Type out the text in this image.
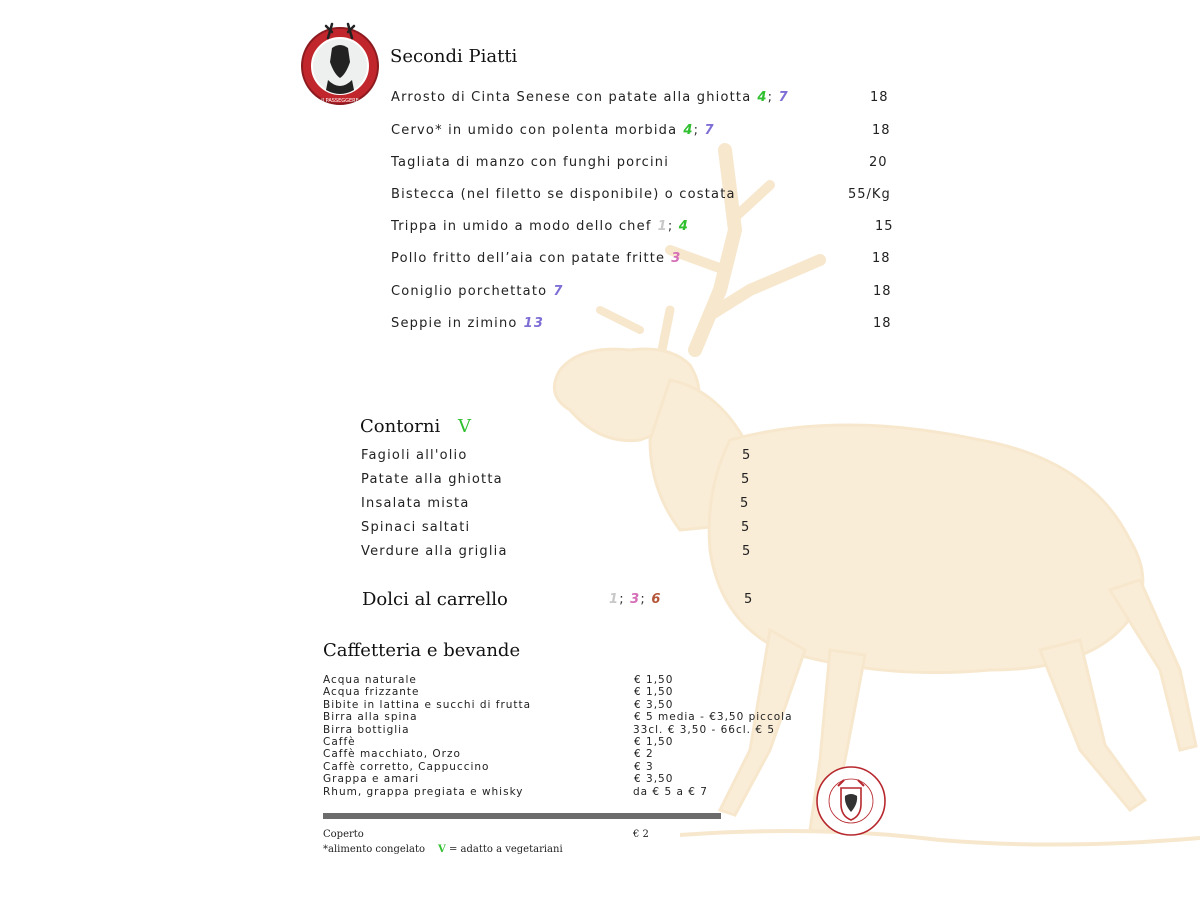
Il PASSEGGERE
Secondi Piatti
Arrosto di Cinta Senese con patate alla ghiotta 4; 7	18
Cervo* in umido con polenta morbida 4; 7	18
Tagliata di manzo con funghi porcini	20
Bistecca (nel filetto se disponibile) o costata	55/Kg
Trippa in umido a modo dello chef 1; 4	15
Pollo fritto dell’aia con patate fritte 3	18
Coniglio porchettato 7	18
Seppie in zimino 13	18
Contorni V
Fagioli all'olio	5
Patate alla ghiotta	5
Insalata mista	5
Spinaci saltati	5
Verdure alla griglia	5
Dolci al carrello	1; 3; 6	5
Caffetteria e bevande
Acqua naturale	€ 1,50
Acqua frizzante	€ 1,50
Bibite in lattina e succhi di frutta	€ 3,50
Birra alla spina	€ 5 media - €3,50 piccola
Birra bottiglia	33cl. € 3,50 - 66cl. € 5
Caffè	€ 1,50
Caffè macchiato, Orzo	€ 2
Caffè corretto, Cappuccino	€ 3
Grappa e amari	€ 3,50
Rhum, grappa pregiata e whisky	da € 5 a € 7
Coperto	€ 2
*alimento congelato V = adatto a vegetariani
